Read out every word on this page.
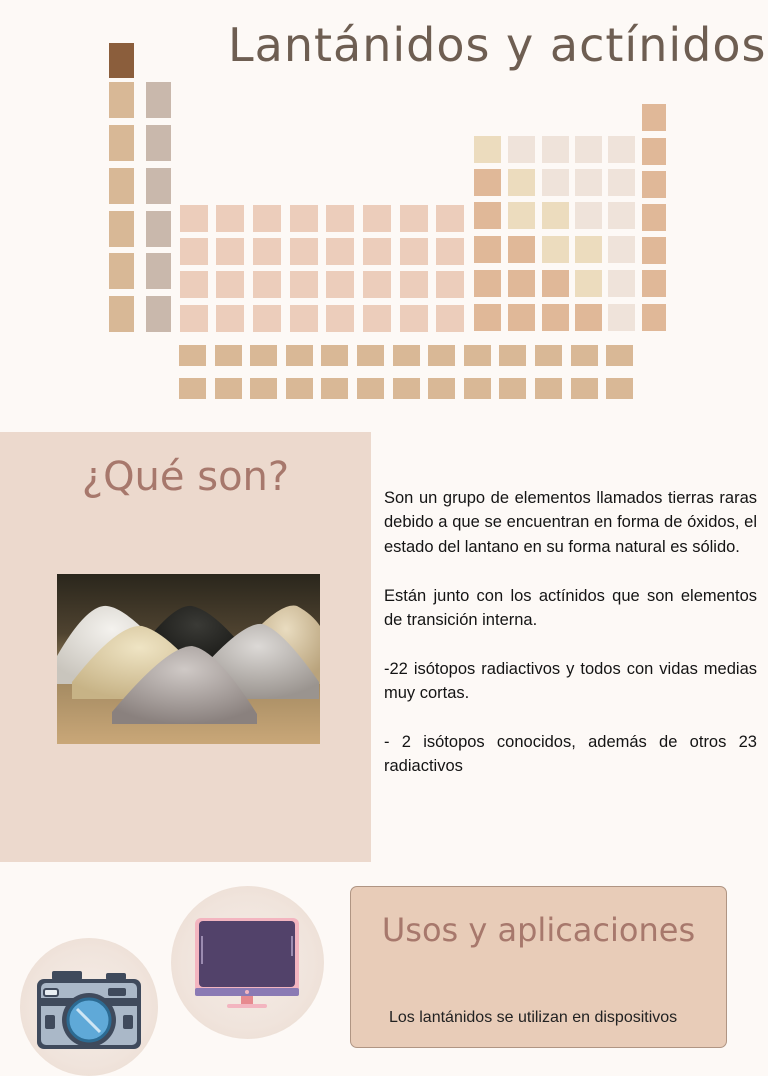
Lantánidos y actínidos
¿Qué son?	Son un grupo de elementos llamados tierras raras debido a que se encuentran en forma de óxidos, el estado del lantano en su forma natural es sólido.

Están junto con los actínidos que son elementos de transición interna.

-22 isótopos radiactivos y todos con vidas medias muy cortas.

- 2 isótopos conocidos, además de otros 23 radiactivos

Usos y aplicaciones
Los lantánidos se utilizan en dispositivos
